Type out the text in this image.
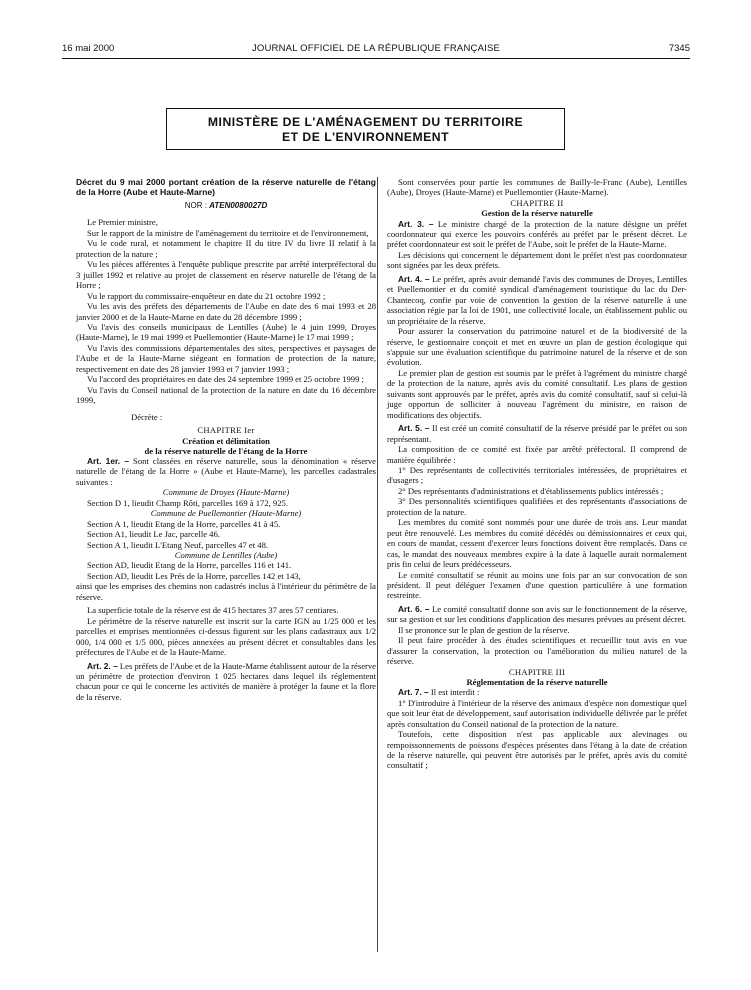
16 mai 2000	JOURNAL OFFICIEL DE LA RÉPUBLIQUE FRANÇAISE	7345
MINISTÈRE DE L'AMÉNAGEMENT DU TERRITOIRE
ET DE L'ENVIRONNEMENT
Décret du 9 mai 2000 portant création de la réserve naturelle de l'étang de la Horre (Aube et Haute-Marne)
NOR : ATEN0080027D

Le Premier ministre,

Sur le rapport de la ministre de l'aménagement du territoire et de l'environnement,

Vu le code rural, et notamment le chapitre II du titre IV du livre II relatif à la protection de la nature ;

Vu les pièces afférentes à l'enquête publique prescrite par arrêté interpréfectoral du 3 juillet 1992 et relative au projet de classement en réserve naturelle de l'étang de la Horre ;

Vu le rapport du commissaire-enquêteur en date du 21 octobre 1992 ;

Vu les avis des préfets des départements de l'Aube en date des 6 mai 1993 et 28 janvier 2000 et de la Haute-Marne en date du 28 décembre 1999 ;

Vu l'avis des conseils municipaux de Lentilles (Aube) le 4 juin 1999, Droyes (Haute-Marne), le 19 mai 1999 et Puellemontier (Haute-Marne) le 17 mai 1999 ;

Vu l'avis des commissions départementales des sites, perspectives et paysages de l'Aube et de la Haute-Marne siégeant en formation de protection de la nature, respectivement en date des 28 janvier 1993 et 7 janvier 1993 ;

Vu l'accord des propriétaires en date des 24 septembre 1999 et 25 octobre 1999 ;

Vu l'avis du Conseil national de la protection de la nature en date du 16 décembre 1999,

Décrète :

CHAPITRE Ier

Création et délimitation
de la réserve naturelle de l'étang de la Horre

Art. 1er. – Sont classées en réserve naturelle, sous la dénomination « réserve naturelle de l'étang de la Horre » (Aube et Haute-Marne), les parcelles cadastrales suivantes :

Commune de Droyes (Haute-Marne)

Section D 1, lieudit Champ Rôti, parcelles 169 à 172, 925.

Commune de Puellemontier (Haute-Marne)

Section A 1, lieudit Etang de la Horre, parcelles 41 à 45.

Section A1, lieudit Le Jac, parcelle 46.

Section A 1, lieudit L'Etang Neuf, parcelles 47 et 48.

Commune de Lentilles (Aube)

Section AD, lieudit Etang de la Horre, parcelles 116 et 141.

Section AD, lieudit Les Prés de la Horre, parcelles 142 et 143,

ainsi que les emprises des chemins non cadastrés inclus à l'intérieur du périmètre de la réserve.

La superficie totale de la réserve est de 415 hectares 37 ares 57 centiares.

Le périmètre de la réserve naturelle est inscrit sur la carte IGN au 1/25 000 et les parcelles et emprises mentionnées ci-dessus figurent sur les plans cadastraux aux 1/2 000, 1/4 000 et 1/5 000, pièces annexées au présent décret et consultables dans les préfectures de l'Aube et de la Haute-Marne.

Art. 2. – Les préfets de l'Aube et de la Haute-Marne établissent autour de la réserve un périmètre de protection d'environ 1 025 hectares dans lequel ils réglementent chacun pour ce qui le concerne les activités de manière à protéger la faune et la flore de la réserve.

Sont conservées pour partie les communes de Bailly-le-Franc (Aube), Lentilles (Aube), Droyes (Haute-Marne) et Puellemontier (Haute-Marne).

CHAPITRE II

Gestion de la réserve naturelle

Art. 3. – Le ministre chargé de la protection de la nature désigne un préfet coordonnateur qui exerce les pouvoirs conférés au préfet par le présent décret. Le préfet coordonnateur est soit le préfet de l'Aube, soit le préfet de la Haute-Marne.

Les décisions qui concernent le département dont le préfet n'est pas coordonnateur sont signées par les deux préfets.

Art. 4. – Le préfet, après avoir demandé l'avis des communes de Droyes, Lentilles et Puellemontier et du comité syndical d'aménagement touristique du lac du Der-Chantecoq, confie par voie de convention la gestion de la réserve naturelle à une association régie par la loi de 1901, une collectivité locale, un établissement public ou un propriétaire de la réserve.

Pour assurer la conservation du patrimoine naturel et de la biodiversité de la réserve, le gestionnaire conçoit et met en œuvre un plan de gestion écologique qui s'appuie sur une évaluation scientifique du patrimoine naturel de la réserve et de son évolution.

Le premier plan de gestion est soumis par le préfet à l'agrément du ministre chargé de la protection de la nature, après avis du comité consultatif. Les plans de gestion suivants sont approuvés par le préfet, après avis du comité consultatif, sauf si celui-là juge opportun de solliciter à nouveau l'agrément du ministre, en raison de modifications des objectifs.

Art. 5. – Il est créé un comité consultatif de la réserve présidé par le préfet ou son représentant.

La composition de ce comité est fixée par arrêté préfectoral. Il comprend de manière équilibrée :

1° Des représentants de collectivités territoriales intéressées, de propriétaires et d'usagers ;

2° Des représentants d'administrations et d'établissements publics intéressés ;

3° Des personnalités scientifiques qualifiées et des représentants d'associations de protection de la nature.

Les membres du comité sont nommés pour une durée de trois ans. Leur mandat peut être renouvelé. Les membres du comité décédés ou démissionnaires et ceux qui, en cours de mandat, cessent d'exercer leurs fonctions doivent être remplacés. Dans ce cas, le mandat des nouveaux membres expire à la date à laquelle aurait normalement pris fin celui de leurs prédécesseurs.

Le comité consultatif se réunit au moins une fois par an sur convocation de son président. Il peut déléguer l'examen d'une question particulière à une formation restreinte.

Art. 6. – Le comité consultatif donne son avis sur le fonctionnement de la réserve, sur sa gestion et sur les conditions d'application des mesures prévues au présent décret.

Il se prononce sur le plan de gestion de la réserve.

Il peut faire procéder à des études scientifiques et recueillir tout avis en vue d'assurer la conservation, la protection ou l'amélioration du milieu naturel de la réserve.

CHAPITRE III

Réglementation de la réserve naturelle

Art. 7. – Il est interdit :

1° D'introduire à l'intérieur de la réserve des animaux d'espèce non domestique quel que soit leur état de développement, sauf autorisation individuelle délivrée par le préfet après consultation du Conseil national de la protection de la nature.

Toutefois, cette disposition n'est pas applicable aux alevinages ou rempoissonnements de poissons d'espèces présentes dans l'étang à la date de création de la réserve naturelle, qui peuvent être autorisés par le préfet, après avis du comité consultatif ;
